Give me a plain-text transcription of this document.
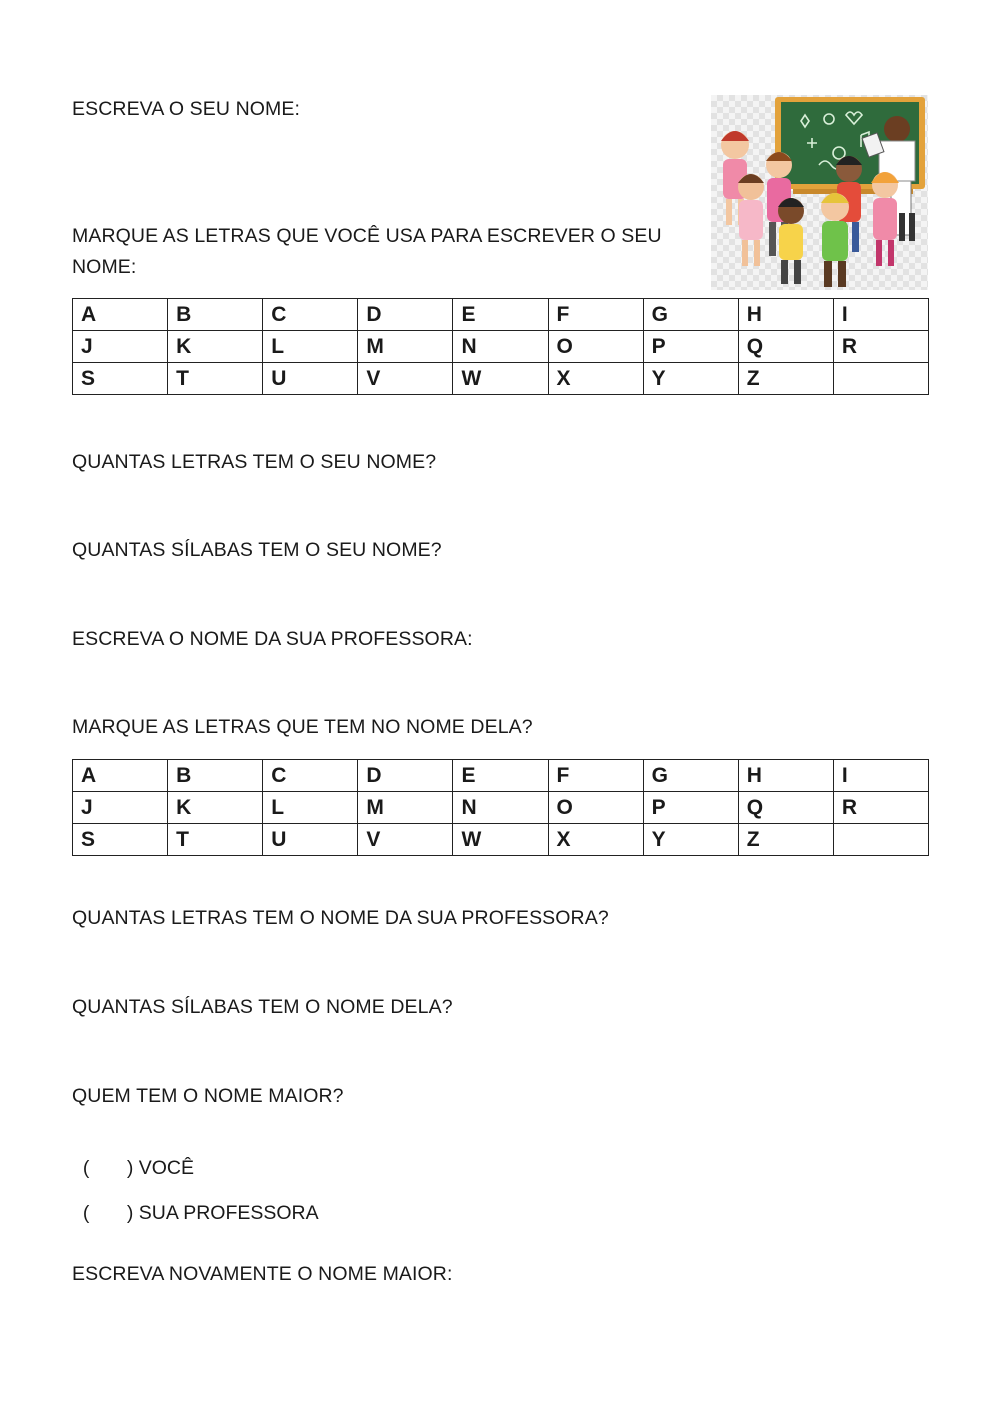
ESCREVA O SEU NOME:

MARQUE AS LETRAS QUE VOCÊ USA PARA ESCREVER O SEU NOME:

A	B	C	D	E	F	G	H	I
J	K	L	M	N	O	P	Q	R
S	T	U	V	W	X	Y	Z	

QUANTAS LETRAS TEM O SEU NOME?

QUANTAS SÍLABAS TEM O SEU NOME?

ESCREVA O NOME DA SUA PROFESSORA:

MARQUE AS LETRAS QUE TEM NO NOME DELA?

A	B	C	D	E	F	G	H	I
J	K	L	M	N	O	P	Q	R
S	T	U	V	W	X	Y	Z	

QUANTAS LETRAS TEM O NOME DA SUA PROFESSORA?

QUANTAS SÍLABAS TEM O NOME DELA?

QUEM TEM O NOME MAIOR?

( ) VOCÊ

( ) SUA PROFESSORA

ESCREVA NOVAMENTE O NOME MAIOR:
